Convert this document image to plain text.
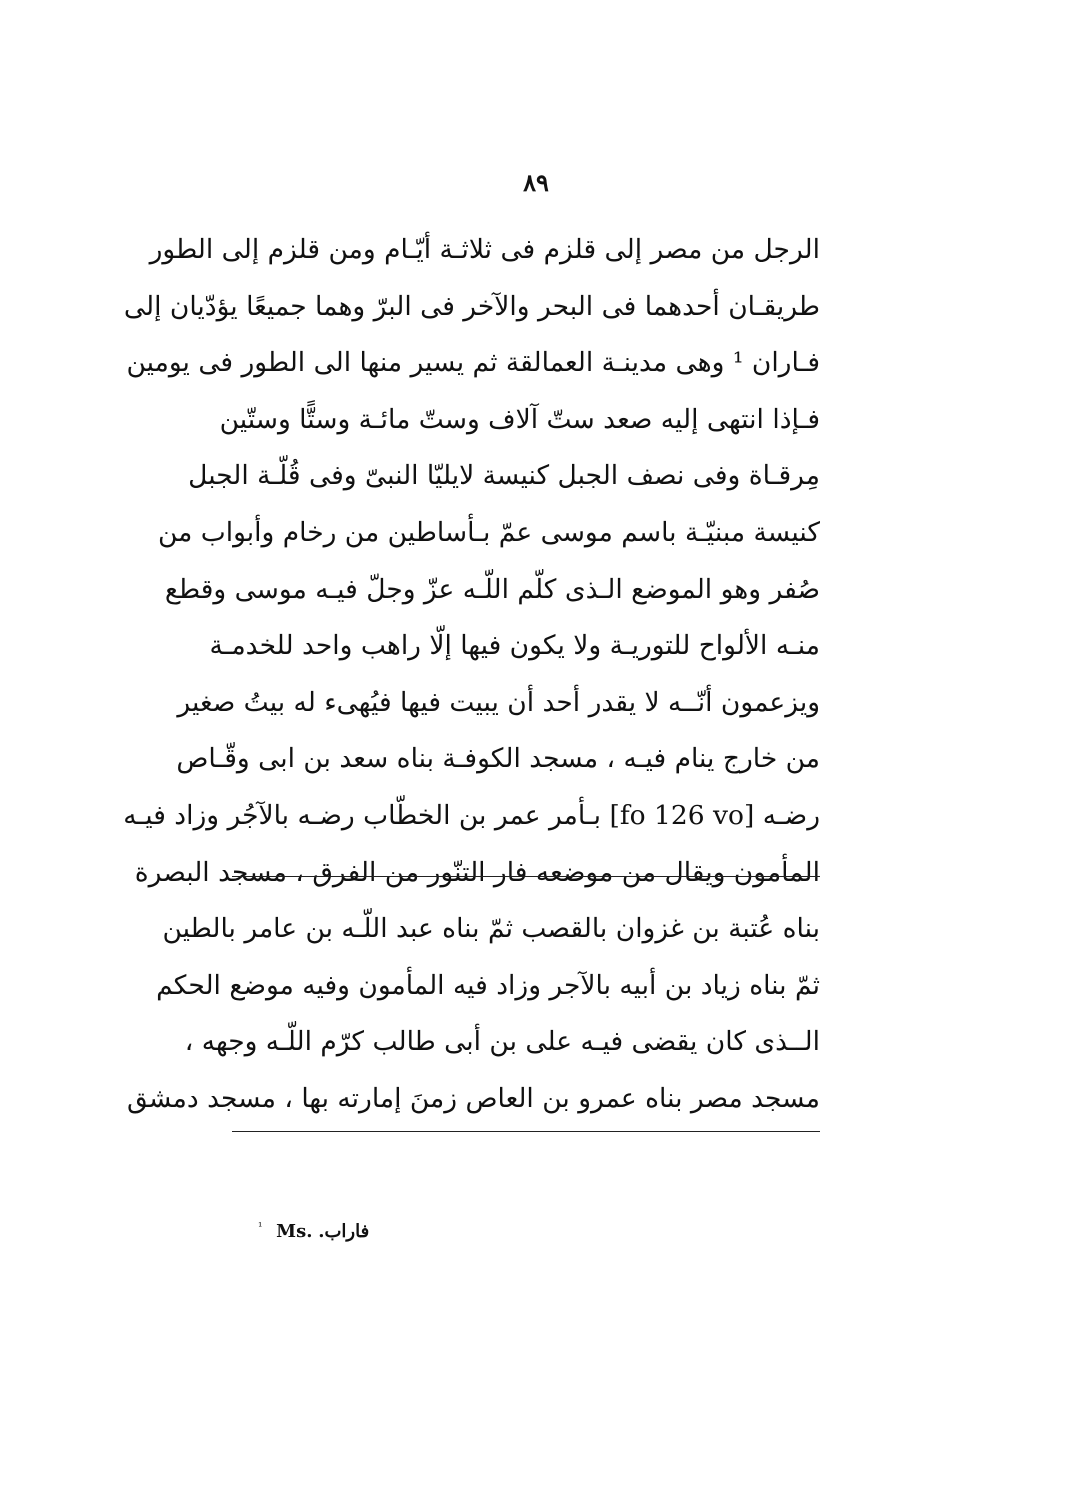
٨٩
الرجل من مصر إلى قلزم فى ثلاثـة أيّـام ومن قلزم إلى الطور
طريقـان أحدهما فى البحر والآخر فى البرّ وهما جميعًا يؤدّيان إلى
فـاران ¹ وهى مدينـة العمالقة ثم يسير منها الى الطور فى يومين
فـإذا انتهى إليه صعد ستّ آلاف وستّ مائـة وستًّا وستّين
مِرقـاة وفى نصف الجبل كنيسة لايليّا النبىّ وفى قُلّـة الجبل
كنيسة مبنيّـة باسم موسى عمّ بـأساطين من رخام وأبواب من
صُفر وهو الموضع الـذى كلّم اللّـه عزّ وجلّ فيـه موسى وقطع
منـه الألواح للتوريـة ولا يكون فيها إلّا راهب واحد للخدمـة
ويزعمون أنّــه لا يقدر أحد أن يبيت فيها فيُهىء له بيتُ صغير
من خارج ينام فيـه ، مسجد الكوفـة بناه سعد بن ابى وقّـاص
رضـه [fo 126 vo] بـأمر عمر بن الخطّاب رضـه بالآجُر وزاد فيـه
المأمون ويقال من موضعه فار التنّور من الفرق ، مسجد البصرة
بناه عُتبة بن غزوان بالقصب ثمّ بناه عبد اللّـه بن عامر بالطين
ثمّ بناه زياد بن أبيه بالآجر وزاد فيه المأمون وفيه موضع الحكم
الــذى كان يقضى فيـه على بن أبى طالب كرّم اللّـه وجهه ،
مسجد مصر بناه عمرو بن العاص زمنَ إمارته بها ، مسجد دمشق
$^{^1}$ Ms. فاراب.
